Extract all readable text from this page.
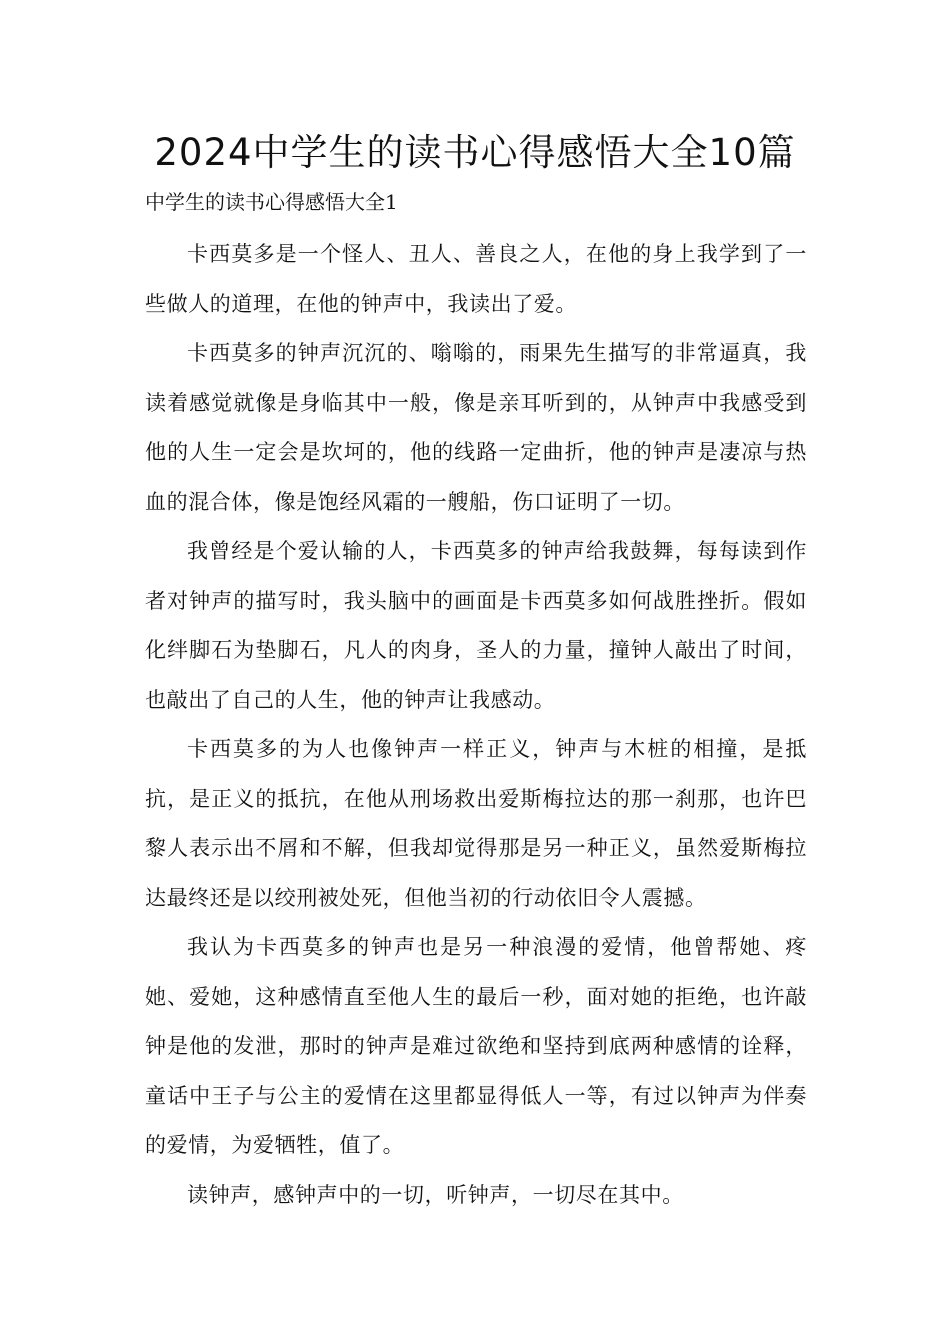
2024中学生的读书心得感悟大全10篇
中学生的读书心得感悟大全1

卡西莫多是一个怪人、丑人、善良之人，在他的身上我学到了一些做人的道理，在他的钟声中，我读出了爱。

卡西莫多的钟声沉沉的、嗡嗡的，雨果先生描写的非常逼真，我读着感觉就像是身临其中一般，像是亲耳听到的，从钟声中我感受到他的人生一定会是坎坷的，他的线路一定曲折，他的钟声是凄凉与热血的混合体，像是饱经风霜的一艘船，伤口证明了一切。

我曾经是个爱认输的人，卡西莫多的钟声给我鼓舞，每每读到作者对钟声的描写时，我头脑中的画面是卡西莫多如何战胜挫折。假如化绊脚石为垫脚石，凡人的肉身，圣人的力量，撞钟人敲出了时间，也敲出了自己的人生，他的钟声让我感动。

卡西莫多的为人也像钟声一样正义，钟声与木桩的相撞，是抵抗，是正义的抵抗，在他从刑场救出爱斯梅拉达的那一刹那，也许巴黎人表示出不屑和不解，但我却觉得那是另一种正义，虽然爱斯梅拉达最终还是以绞刑被处死，但他当初的行动依旧令人震撼。

我认为卡西莫多的钟声也是另一种浪漫的爱情，他曾帮她、疼她、爱她，这种感情直至他人生的最后一秒，面对她的拒绝，也许敲钟是他的发泄，那时的钟声是难过欲绝和坚持到底两种感情的诠释，童话中王子与公主的爱情在这里都显得低人一等，有过以钟声为伴奏的爱情，为爱牺牲，值了。

读钟声，感钟声中的一切，听钟声，一切尽在其中。
